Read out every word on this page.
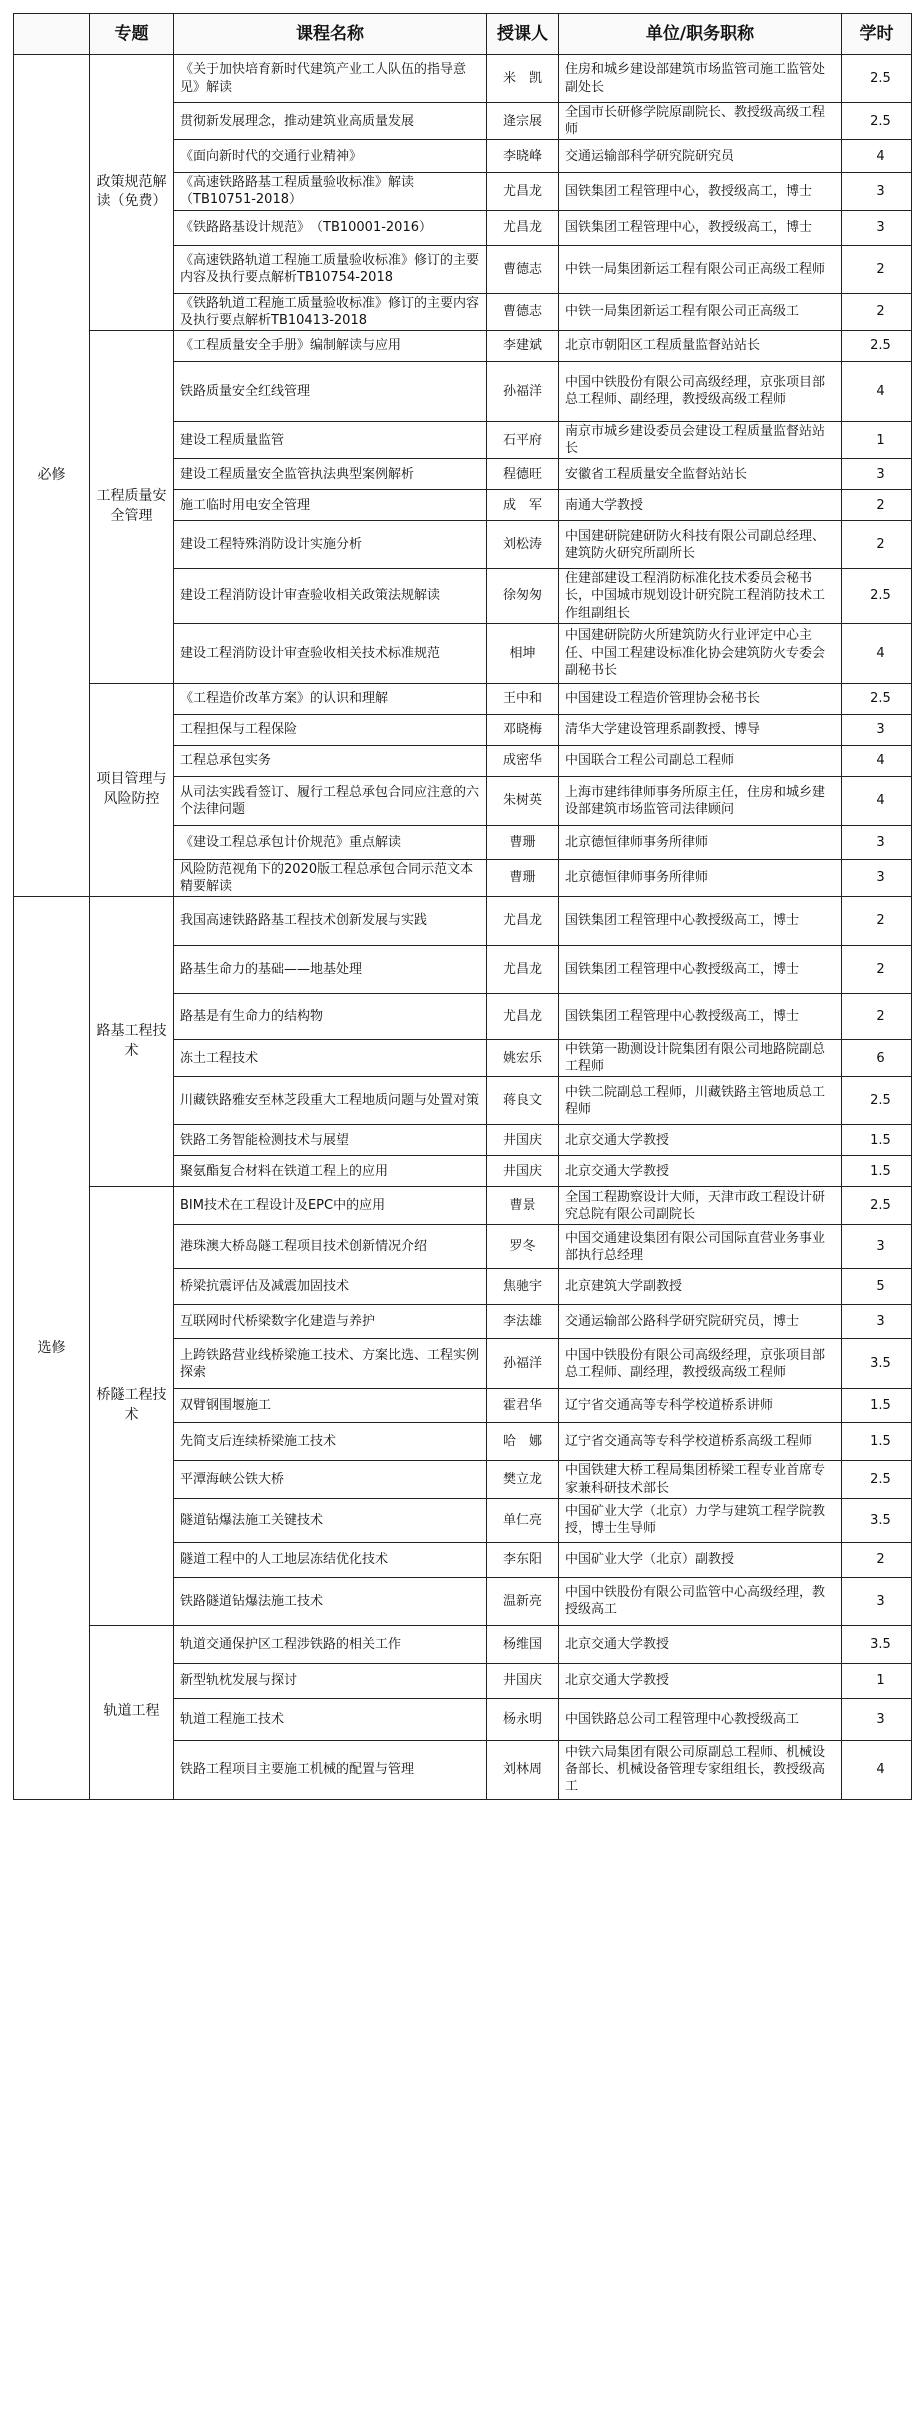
	专题	课程名称	授课人	单位/职务职称	学时
必修	政策规范解读（免费）	《关于加快培育新时代建筑产业工人队伍的指导意见》解读	米　凯	住房和城乡建设部建筑市场监管司施工监管处副处长	2.5
		贯彻新发展理念，推动建筑业高质量发展	逄宗展	全国市长研修学院原副院长、教授级高级工程师	2.5
		《面向新时代的交通行业精神》	李晓峰	交通运输部科学研究院研究员	4
		《高速铁路路基工程质量验收标准》解读（TB10751-2018）	尤昌龙	国铁集团工程管理中心，教授级高工，博士	3
		《铁路路基设计规范》　（TB10001-2016）	尤昌龙	国铁集团工程管理中心，教授级高工，博士	3
		《高速铁路轨道工程施工质量验收标准》修订的主要内容及执行要点解析TB10754-2018	曹德志	中铁一局集团新运工程有限公司正高级工程师	2
		《铁路轨道工程施工质量验收标准》修订的主要内容及执行要点解析TB10413-2018	曹德志	中铁一局集团新运工程有限公司正高级工	2
	工程质量安全管理	《工程质量安全手册》编制解读与应用	李建斌	北京市朝阳区工程质量监督站站长	2.5
		铁路质量安全红线管理	孙福洋	中国中铁股份有限公司高级经理，京张项目部总工程师、副经理，教授级高级工程师	4
		建设工程质量监管	石平府	南京市城乡建设委员会建设工程质量监督站站长	1
		建设工程质量安全监管执法典型案例解析	程德旺	安徽省工程质量安全监督站站长	3
		施工临时用电安全管理	成　军	南通大学教授	2
		建设工程特殊消防设计实施分析	刘松涛	中国建研院建研防火科技有限公司副总经理、建筑防火研究所副所长	2
		建设工程消防设计审查验收相关政策法规解读	徐匆匆	住建部建设工程消防标准化技术委员会秘书长，中国城市规划设计研究院工程消防技术工作组副组长	2.5
		建设工程消防设计审查验收相关技术标准规范	相坤	中国建研院防火所建筑防火行业评定中心主任、中国工程建设标准化协会建筑防火专委会副秘书长	4
	项目管理与风险防控	《工程造价改革方案》的认识和理解	王中和	中国建设工程造价管理协会秘书长	2.5
		工程担保与工程保险	邓晓梅	清华大学建设管理系副教授、博导	3
		工程总承包实务	成密华	中国联合工程公司副总工程师	4
		从司法实践看签订、履行工程总承包合同应注意的六个法律问题	朱树英	上海市建纬律师事务所原主任，住房和城乡建设部建筑市场监管司法律顾问	4
		《建设工程总承包计价规范》重点解读	曹珊	北京德恒律师事务所律师	3
		风险防范视角下的2020版工程总承包合同示范文本精要解读	曹珊	北京德恒律师事务所律师	3
选修	路基工程技术	我国高速铁路路基工程技术创新发展与实践	尤昌龙	国铁集团工程管理中心教授级高工，博士	2
		路基生命力的基础——地基处理	尤昌龙	国铁集团工程管理中心教授级高工，博士	2
		路基是有生命力的结构物	尤昌龙	国铁集团工程管理中心教授级高工，博士	2
		冻土工程技术	姚宏乐	中铁第一勘测设计院集团有限公司地路院副总工程师	6
		川藏铁路雅安至林芝段重大工程地质问题与处置对策	蒋良文	中铁二院副总工程师，川藏铁路主管地质总工程师	2.5
		铁路工务智能检测技术与展望	井国庆	北京交通大学教授	1.5
		聚氨酯复合材料在铁道工程上的应用	井国庆	北京交通大学教授	1.5
	桥隧工程技术	BIM技术在工程设计及EPC中的应用	曹景	全国工程勘察设计大师，天津市政工程设计研究总院有限公司副院长	2.5
		港珠澳大桥岛隧工程项目技术创新情况介绍	罗冬	中国交通建设集团有限公司国际直营业务事业部执行总经理	3
		桥梁抗震评估及减震加固技术	焦驰宇	北京建筑大学副教授	5
		互联网时代桥梁数字化建造与养护	李法雄	交通运输部公路科学研究院研究员，博士	3
		上跨铁路营业线桥梁施工技术、方案比选、工程实例探索	孙福洋	中国中铁股份有限公司高级经理，京张项目部总工程师、副经理，教授级高级工程师	3.5
		双臂钢围堰施工	霍君华	辽宁省交通高等专科学校道桥系讲师	1.5
		先简支后连续桥梁施工技术	哈　娜	辽宁省交通高等专科学校道桥系高级工程师	1.5
		平潭海峡公铁大桥	樊立龙	中国铁建大桥工程局集团桥梁工程专业首席专家兼科研技术部长	2.5
		隧道钻爆法施工关键技术	单仁亮	中国矿业大学（北京）力学与建筑工程学院教授，博士生导师	3.5
		隧道工程中的人工地层冻结优化技术	李东阳	中国矿业大学（北京）副教授	2
		铁路隧道钻爆法施工技术	温新亮	中国中铁股份有限公司监管中心高级经理，教授级高工	3
	轨道工程	轨道交通保护区工程涉铁路的相关工作	杨维国	北京交通大学教授	3.5
		新型轨枕发展与探讨	井国庆	北京交通大学教授	1
		轨道工程施工技术	杨永明	中国铁路总公司工程管理中心教授级高工	3
		铁路工程项目主要施工机械的配置与管理	刘林周	中铁六局集团有限公司原副总工程师、机械设备部长、机械设备管理专家组组长，教授级高工	4
